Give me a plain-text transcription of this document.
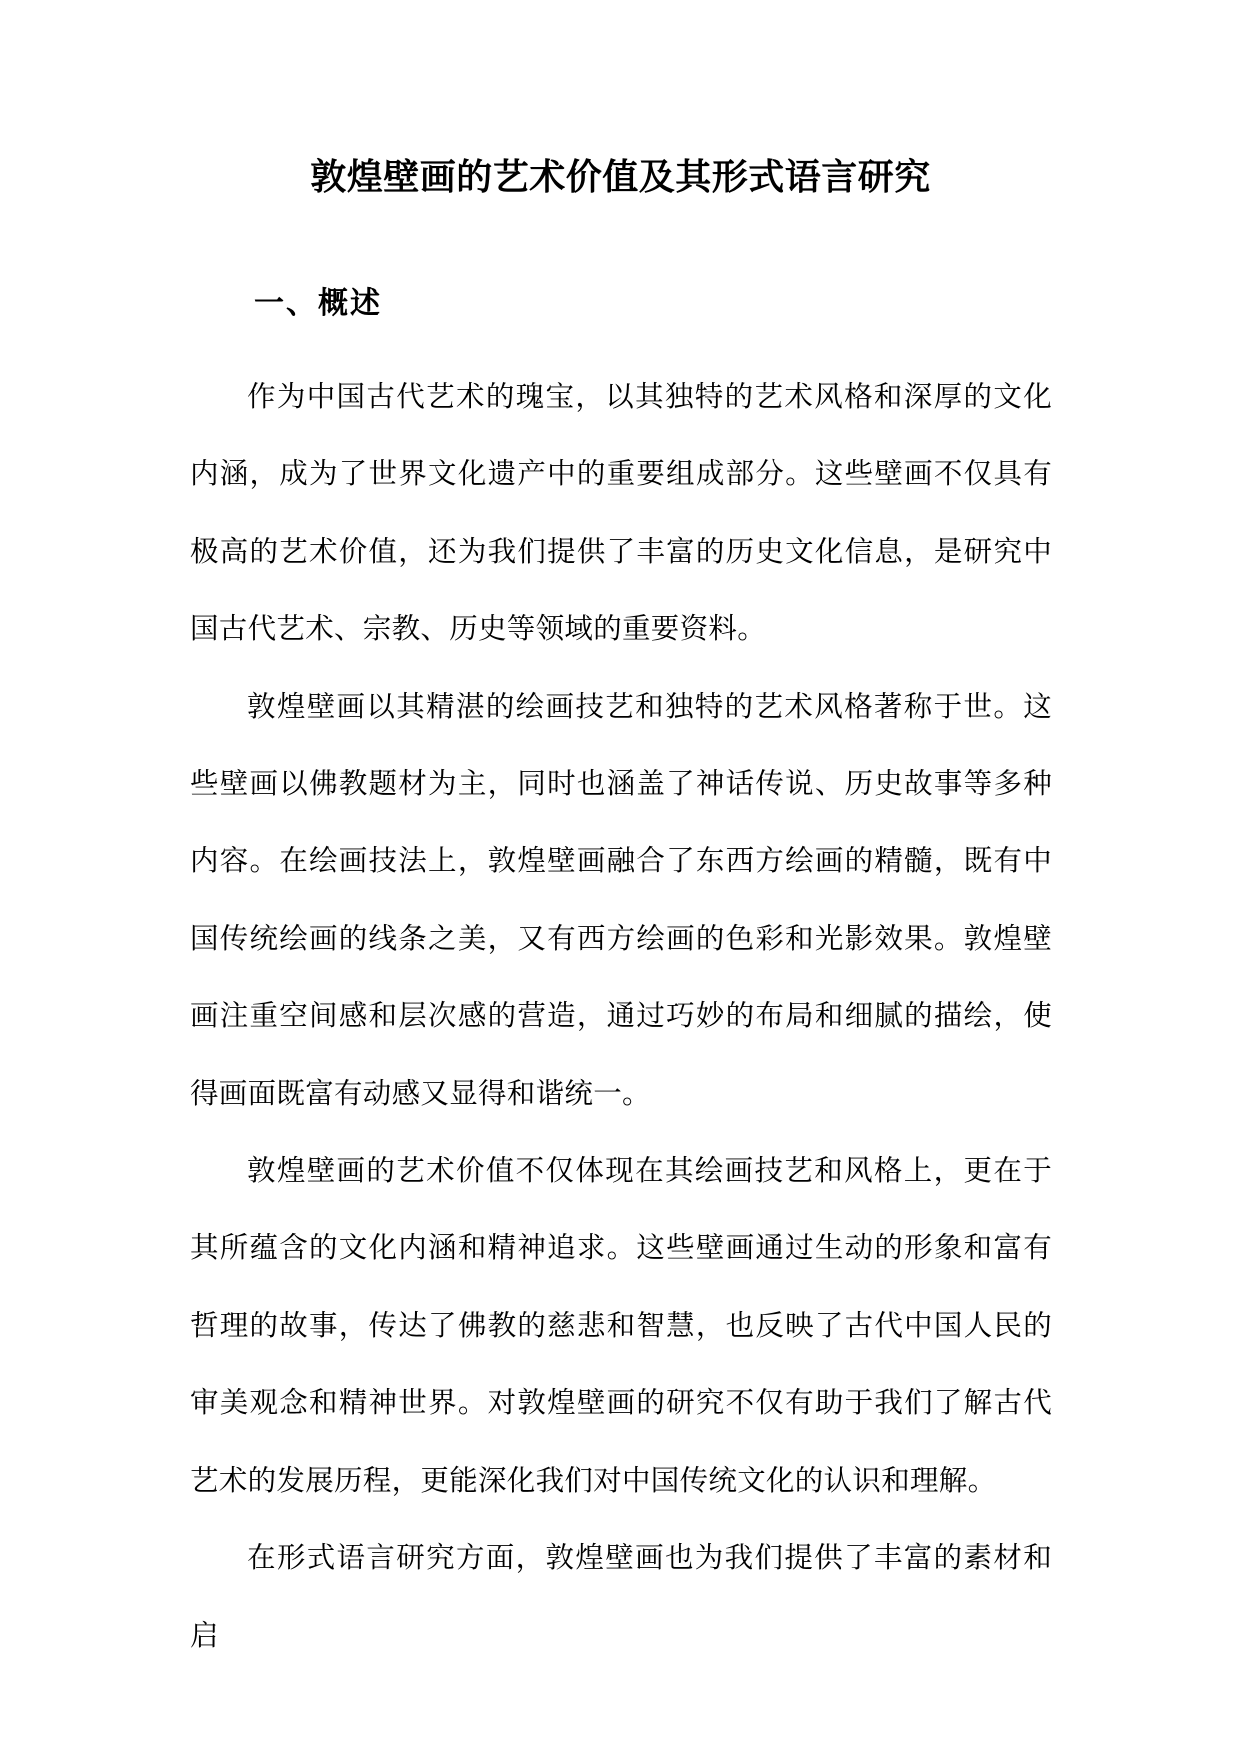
敦煌壁画的艺术价值及其形式语言研究
一、概述

作为中国古代艺术的瑰宝，以其独特的艺术风格和深厚的文化内涵，成为了世界文化遗产中的重要组成部分。这些壁画不仅具有极高的艺术价值，还为我们提供了丰富的历史文化信息，是研究中国古代艺术、宗教、历史等领域的重要资料。

敦煌壁画以其精湛的绘画技艺和独特的艺术风格著称于世。这些壁画以佛教题材为主，同时也涵盖了神话传说、历史故事等多种内容。在绘画技法上，敦煌壁画融合了东西方绘画的精髓，既有中国传统绘画的线条之美，又有西方绘画的色彩和光影效果。敦煌壁画注重空间感和层次感的营造，通过巧妙的布局和细腻的描绘，使得画面既富有动感又显得和谐统一。

敦煌壁画的艺术价值不仅体现在其绘画技艺和风格上，更在于其所蕴含的文化内涵和精神追求。这些壁画通过生动的形象和富有哲理的故事，传达了佛教的慈悲和智慧，也反映了古代中国人民的审美观念和精神世界。对敦煌壁画的研究不仅有助于我们了解古代艺术的发展历程，更能深化我们对中国传统文化的认识和理解。

在形式语言研究方面，敦煌壁画也为我们提供了丰富的素材和启
